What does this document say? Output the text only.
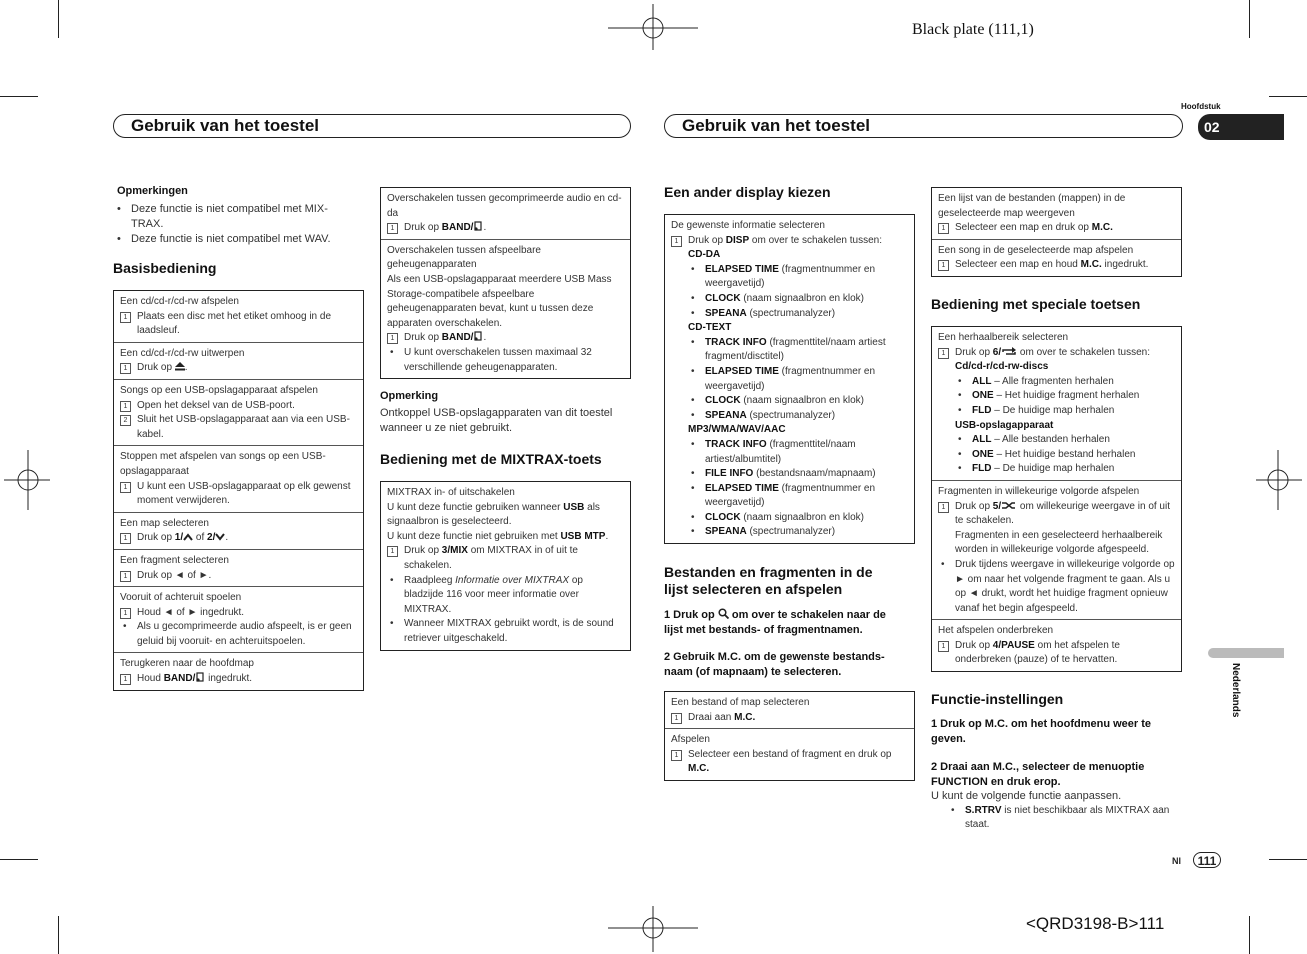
Black plate (111,1)
<QRD3198-B>111
Gebruik van het toestel	Gebruik van het toestel
Hoofdstuk
02
Nederlands
Opmerkingen
• Deze functie is niet compatibel met MIX-TRAX.
• Deze functie is niet compatibel met WAV.
Basisbediening
Een cd/cd-r/cd-rw afspelen
1 Plaats een disc met het etiket omhoog in de laadsleuf.
Een cd/cd-r/cd-rw uitwerpen
1 Druk op .
Songs op een USB-opslagapparaat afspelen
1 Open het deksel van de USB-poort.
2 Sluit het USB-opslagapparaat aan via een USB-kabel.
Stoppen met afspelen van songs op een USB-opslagapparaat
1 U kunt een USB-opslagapparaat op elk gewenst moment verwijderen.
Een map selecteren
1 Druk op 1/ of 2/ .
Een fragment selecteren
1 Druk op ◄ of ►.
Vooruit of achteruit spoelen
1 Houd ◄ of ► ingedrukt.
• Als u gecomprimeerde audio afspeelt, is er geen geluid bij vooruit- en achteruitspoelen.
Terugkeren naar de hoofdmap
1 Houd BAND/ ingedrukt.
Overschakelen tussen gecomprimeerde audio en cd-da
1 Druk op BAND/ .
Overschakelen tussen afspeelbare geheugenapparaten
Als een USB-opslagapparaat meerdere USB Mass Storage-compatibele afspeelbare geheugenapparaten bevat, kunt u tussen deze apparaten overschakelen.
1 Druk op BAND/ .
• U kunt overschakelen tussen maximaal 32 verschillende geheugenapparaten.
Opmerking
Ontkoppel USB-opslagapparaten van dit toestel wanneer u ze niet gebruikt.
Bediening met de MIXTRAX-toets
MIXTRAX in- of uitschakelen
U kunt deze functie gebruiken wanneer USB als signaalbron is geselecteerd.
U kunt deze functie niet gebruiken met USB MTP.
1 Druk op 3/MIX om MIXTRAX in of uit te schakelen.
• Raadpleeg Informatie over MIXTRAX op bladzijde 116 voor meer informatie over MIXTRAX.
• Wanneer MIXTRAX gebruikt wordt, is de sound retriever uitgeschakeld.
Een ander display kiezen
De gewenste informatie selecteren
1 Druk op DISP om over te schakelen tussen:
CD-DA
• ELAPSED TIME (fragmentnummer en weergavetijd)
• CLOCK (naam signaalbron en klok)
• SPEANA (spectrumanalyzer)
CD-TEXT
• TRACK INFO (fragmenttitel/naam artiest fragment/disctitel)
• ELAPSED TIME (fragmentnummer en weergavetijd)
• CLOCK (naam signaalbron en klok)
• SPEANA (spectrumanalyzer)
MP3/WMA/WAV/AAC
• TRACK INFO (fragmenttitel/naam artiest/albumtitel)
• FILE INFO (bestandsnaam/mapnaam)
• ELAPSED TIME (fragmentnummer en weergavetijd)
• CLOCK (naam signaalbron en klok)
• SPEANA (spectrumanalyzer)
Bestanden en fragmenten in de
lijst selecteren en afspelen
1 Druk op om over te schakelen naar de
lijst met bestands- of fragmentnamen.
2 Gebruik M.C. om de gewenste bestands-
naam (of mapnaam) te selecteren.
Een bestand of map selecteren
1 Draai aan M.C.
Afspelen
1 Selecteer een bestand of fragment en druk op M.C.
Een lijst van de bestanden (mappen) in de geselecteerde map weergeven
1 Selecteer een map en druk op M.C.
Een song in de geselecteerde map afspelen
1 Selecteer een map en houd M.C. ingedrukt.
Bediening met speciale toetsen
Een herhaalbereik selecteren
1 Druk op 6/ om over te schakelen tussen:
Cd/cd-r/cd-rw-discs
• ALL – Alle fragmenten herhalen
• ONE – Het huidige fragment herhalen
• FLD – De huidige map herhalen
USB-opslagapparaat
• ALL – Alle bestanden herhalen
• ONE – Het huidige bestand herhalen
• FLD – De huidige map herhalen
Fragmenten in willekeurige volgorde afspelen
1 Druk op 5/ om willekeurige weergave in of uit te schakelen.
Fragmenten in een geselecteerd herhaalbereik worden in willekeurige volgorde afgespeeld.
• Druk tijdens weergave in willekeurige volgorde op ► om naar het volgende fragment te gaan. Als u op ◄ drukt, wordt het huidige fragment opnieuw vanaf het begin afgespeeld.
Het afspelen onderbreken
1 Druk op 4/PAUSE om het afspelen te onderbreken (pauze) of te hervatten.
Functie-instellingen
1 Druk op M.C. om het hoofdmenu weer te geven.
2 Draai aan M.C., selecteer de menuoptie FUNCTION en druk erop.
U kunt de volgende functie aanpassen.
• S.RTRV is niet beschikbaar als MIXTRAX aan staat.
Nl	111
